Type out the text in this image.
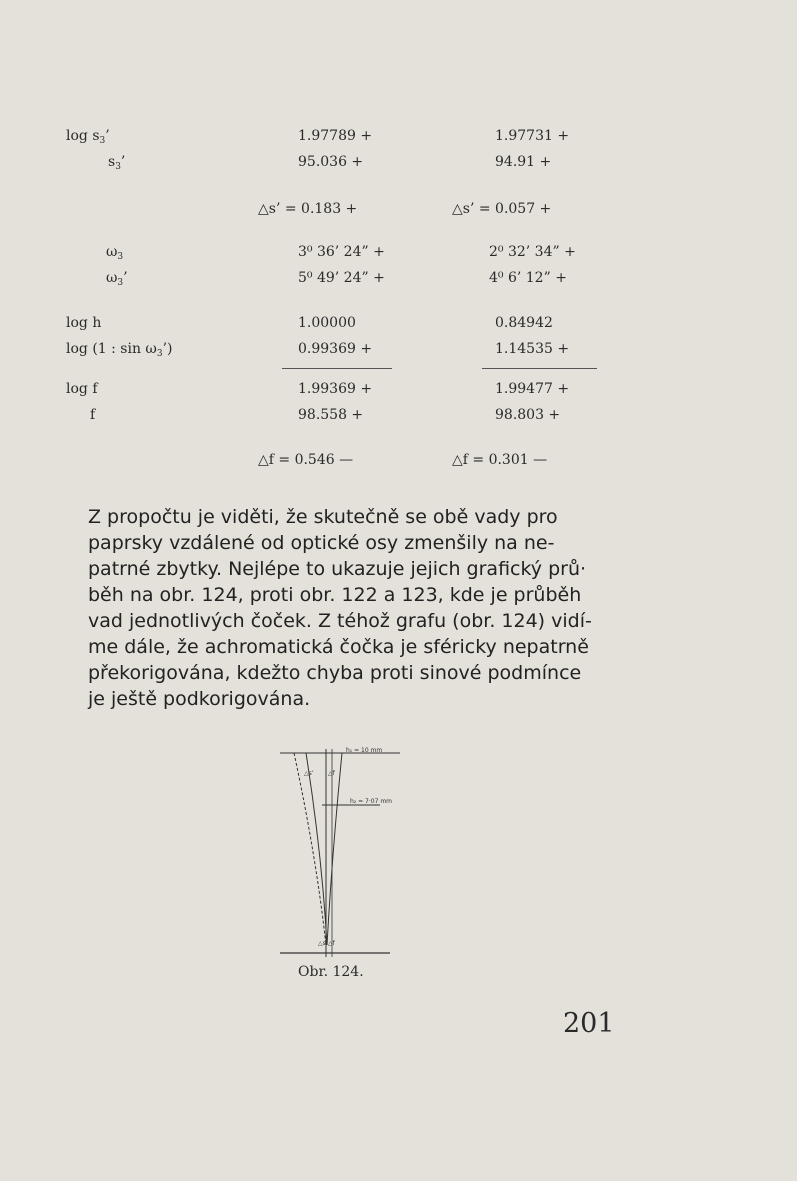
$\log s_3$’	1.97789 +	1.97731 +
$s_3$’	95.036 +	94.91 +
△s’ = 0.183 +	△s’ = 0.057 +
$\omega_3$	3⁰ 36’ 24” +	2⁰ 32’ 34” +
$\omega_3$’	5⁰ 49’ 24” +	4⁰ 6’ 12” +
log h	1.00000	0.84942
log (1 : $\sin \omega_3$’)	0.99369 +	1.14535 +
log f	1.99369 +	1.99477 +
f	98.558 +	98.803 +
△f = 0.546 —	△f = 0.301 —

Z propočtu je viděti, že skutečně se obě vady pro

paprsky vzdálené od optické osy zmenšily na ne-

patrné zbytky. Nejlépe to ukazuje jejich grafický prů·

běh na obr. 124, proti obr. 122 a 123, kde je průběh

vad jednotlivých čoček. Z téhož grafu (obr. 124) vidí-

me dále, že achromatická čočka je sféricky nepatrně

překorigována, kdežto chyba proti sinové podmínce

je ještě podkorigována.

h₁ = 10 mm
h₂ = 7·07 mm
△s’ △f
△s’ △f
Obr. 124.
201
